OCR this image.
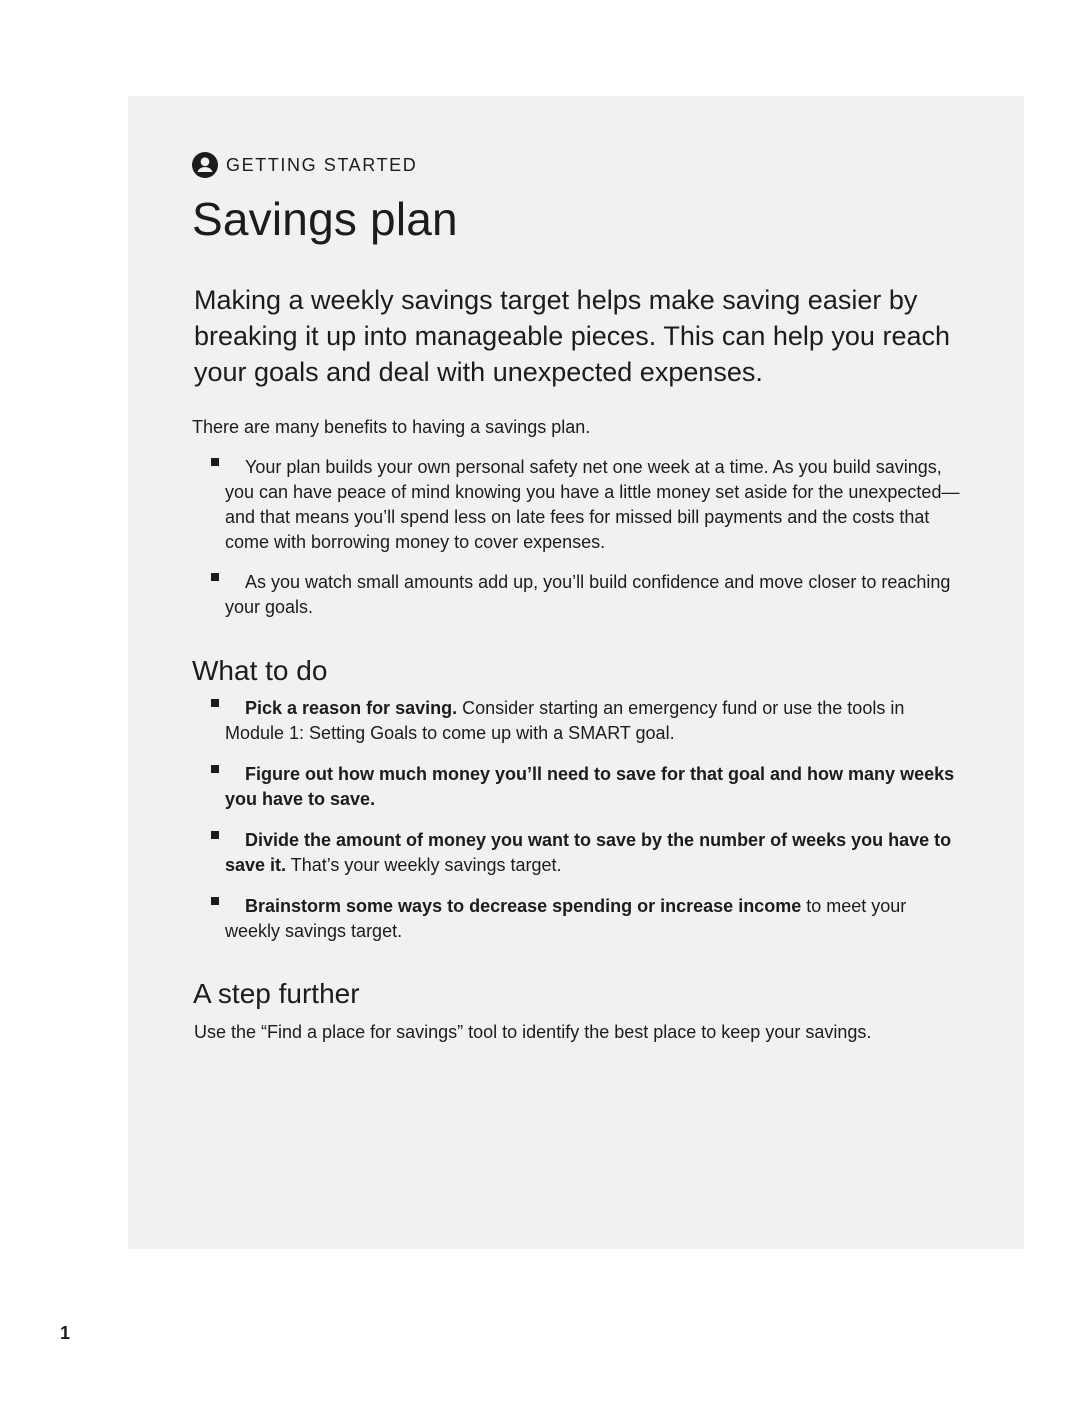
GETTING STARTED
Savings plan

Making a weekly savings target helps make saving easier by breaking it up into manageable pieces. This can help you reach your goals and deal with unexpected expenses.

There are many benefits to having a savings plan.

Your plan builds your own personal safety net one week at a time. As you build savings, you can have peace of mind knowing you have a little money set aside for the unexpected—and that means you’ll spend less on late fees for missed bill payments and the costs that come with borrowing money to cover expenses.
As you watch small amounts add up, you’ll build confidence and move closer to reaching your goals.
What to do
Pick a reason for saving. Consider starting an emergency fund or use the tools in Module 1: Setting Goals to come up with a SMART goal.
Figure out how much money you’ll need to save for that goal and how many weeks you have to save.
Divide the amount of money you want to save by the number of weeks you have to save it. That’s your weekly savings target.
Brainstorm some ways to decrease spending or increase income to meet your weekly savings target.
A step further

Use the “Find a place for savings” tool to identify the best place to keep your savings.

1
